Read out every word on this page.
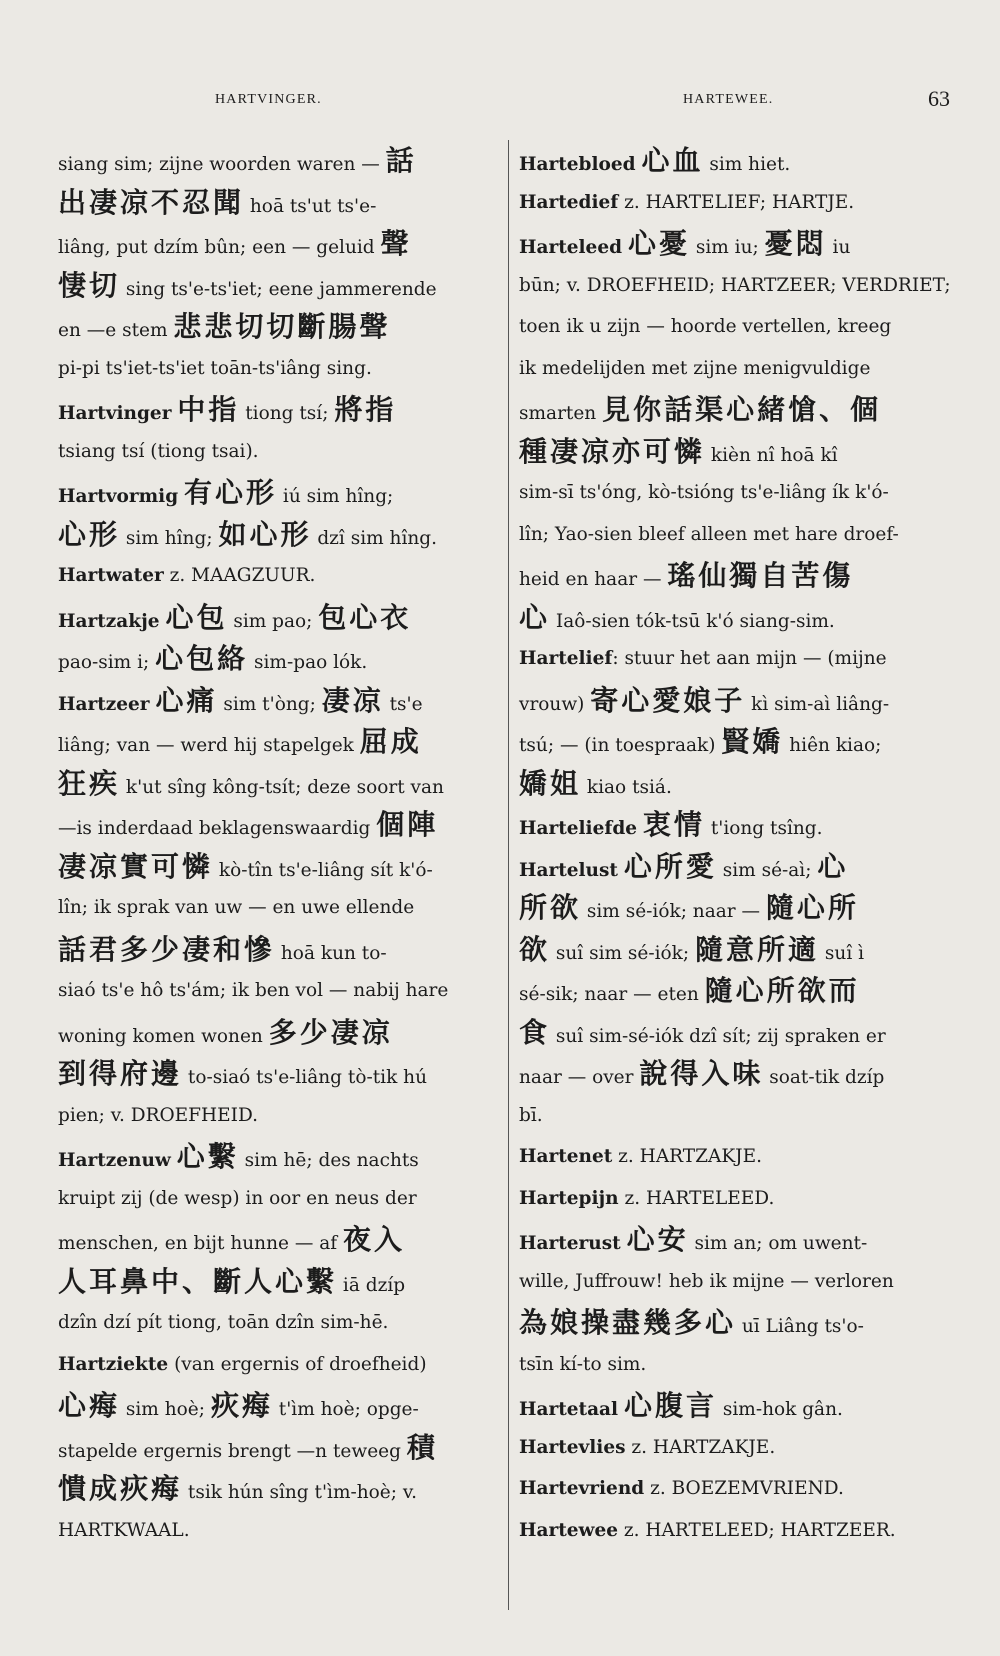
HARTVINGER.	HARTEWEE.	63
siang sim; zijne woorden waren — 話
出凄凉不忍聞 hoā ts'ut ts'e-
liâng, put dzím bûn; een — geluid 聲
悽切 sing ts'e-ts'iet; eene jammerende
en —e stem 悲悲切切斷腸聲
pi-pi ts'iet-ts'iet toān-ts'iâng sing.
Hartvinger 中指 tiong tsí; 將指
tsiang tsí (tiong tsai).
Hartvormig 有心形 iú sim hîng;
心形 sim hîng; 如心形 dzî sim hîng.
Hartwater z. MAAGZUUR.
Hartzakje 心包 sim pao; 包心衣
pao-sim i; 心包絡 sim-pao lók.
Hartzeer 心痛 sim t'òng; 凄凉 ts'e
liâng; van — werd hij stapelgek 屈成
狂疾 k'ut sîng kông-tsít; deze soort van
—is inderdaad beklagenswaardig 個陣
凄凉實可憐 kò-tîn ts'e-liâng sít k'ó-
lîn; ik sprak van uw — en uwe ellende
話君多少凄和慘 hoā kun to-
siaó ts'e hô ts'ám; ik ben vol — nabij hare
woning komen wonen 多少凄凉
到得府邊 to-siaó ts'e-liâng tò-tik hú
pien; v. DROEFHEID.
Hartzenuw 心繫 sim hē; des nachts
kruipt zij (de wesp) in oor en neus der
menschen, en bijt hunne — af 夜入
人耳鼻中、斷人心繫 iā dzíp
dzîn dzí pít tiong, toān dzîn sim-hē.
Hartziekte (van ergernis of droefheid)
心痗 sim hoè; 疢痗 t'ìm hoè; opge-
stapelde ergernis brengt —n teweeg 積
憒成疢痗 tsik hún sîng t'ìm-hoè; v.
HARTKWAAL.
Hartebloed 心血 sim hiet.
Hartedief z. HARTELIEF; HARTJE.
Harteleed 心憂 sim iu; 憂悶 iu
būn; v. DROEFHEID; HARTZEER; VERDRIET;
toen ik u zijn — hoorde vertellen, kreeg
ik medelijden met zijne menigvuldige
smarten 見你話渠心緒愴、個
種凄凉亦可憐 kièn nî hoā kî
sim-sī ts'óng, kò-tsióng ts'e-liâng ík k'ó-
lîn; Yao-sien bleef alleen met hare droef-
heid en haar — 瑤仙獨自苦傷
心 Iaô-sien tók-tsū k'ó siang-sim.
Hartelief: stuur het aan mijn — (mijne
vrouw) 寄心愛娘子 kì sim-aì liâng-
tsú; — (in toespraak) 賢嬌 hiên kiao;
嬌姐 kiao tsiá.
Harteliefde 衷情 t'iong tsîng.
Hartelust 心所愛 sim sé-aì; 心
所欲 sim sé-iók; naar — 隨心所
欲 suî sim sé-iók; 隨意所適 suî ì
sé-sik; naar — eten 隨心所欲而
食 suî sim-sé-iók dzî sít; zij spraken er
naar — over 說得入味 soat-tik dzíp
bī.
Hartenet z. HARTZAKJE.
Hartepijn z. HARTELEED.
Harterust 心安 sim an; om uwent-
wille, Juffrouw! heb ik mijne — verloren
為娘操盡幾多心 uī Liâng ts'o-
tsīn kí-to sim.
Hartetaal 心腹言 sim-hok gân.
Hartevlies z. HARTZAKJE.
Hartevriend z. BOEZEMVRIEND.
Hartewee z. HARTELEED; HARTZEER.
